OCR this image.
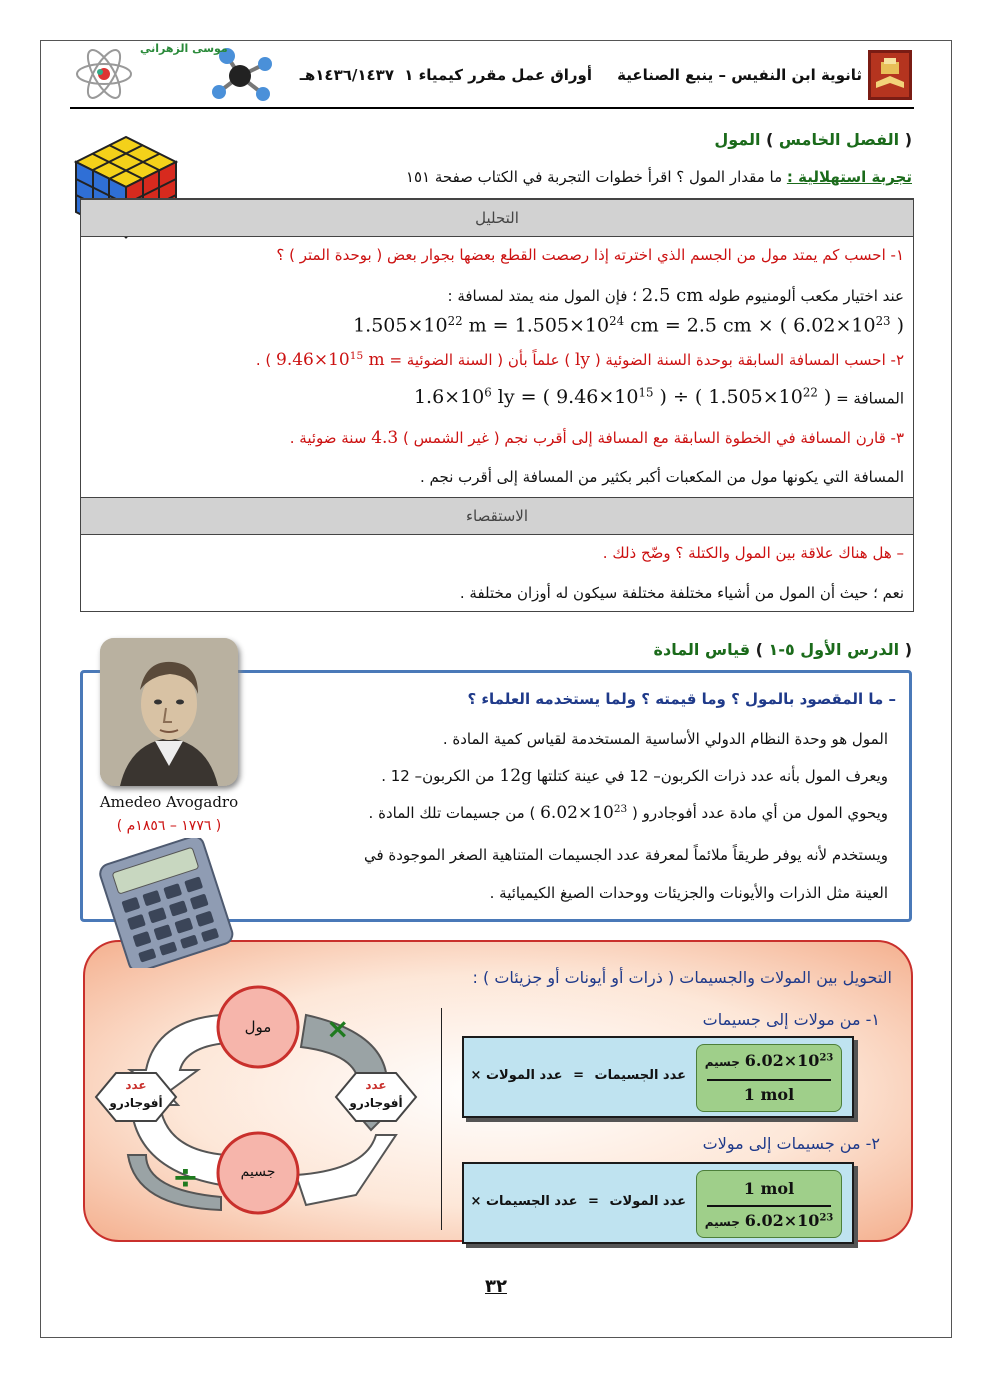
ثانوية ابن النفيس – ينبع الصناعية
أوراق عمل مقرر كيمياء ١
١٤٣٦/١٤٣٧هـ
موسى الزهراني
( الفصل الخامس ) المول
تجربة استهلالية : ما مقدار المول ؟ اقرأ خطوات التجربة في الكتاب صفحة ١٥١
التحليل
الاستقصاء
١- احسب كم يمتد مول من الجسم الذي اخترته إذا رصصت القطع بعضها بجوار بعض ( بوحدة المتر ) ؟
عند اختيار مكعب ألومنيوم طوله 2.5 cm ؛ فإن المول منه يمتد لمسافة :
$1.505\times 10^{22}$ $m = 1.505\times 10^{24}$ cm = 2.5 cm × ( $6.02\times 10^{23}$ )
٢- احسب المسافة السابقة بوحدة السنة الضوئية ( ly ) علماً بأن ( السنة الضوئية = $9.46\times 10^{15}$ m ) .
المسافة = $1.6\times 10^6$ ly = ( $9.46\times 10^{15}$ ) ÷ ( $1.505\times 10^{22}$ )
٣- قارن المسافة في الخطوة السابقة مع المسافة إلى أقرب نجم ( غير الشمس ) 4.3 سنة ضوئية .
المسافة التي يكونها مول من المكعبات أكبر بكثير من المسافة إلى أقرب نجم .
– هل هناك علاقة بين المول والكتلة ؟ وضّح ذلك .
نعم ؛ حيث أن المول من أشياء مختلفة مختلفة سيكون له أوزان مختلفة .
( الدرس الأول ٥-١ ) قياس المادة
Amedeo Avogadro
( ١٧٧٦ – ١٨٥٦م )
– ما المقصود بالمول ؟ وما قيمته ؟ ولما يستخدمه العلماء ؟
المول هو وحدة النظام الدولي الأساسية المستخدمة لقياس كمية المادة .
ويعرف المول بأنه عدد ذرات الكربون– 12 في عينة كتلتها 12g من الكربون– 12 .
ويحوي المول من أي مادة عدد أفوجادرو ( $6.02\times 10^{23}$ ) من جسيمات تلك المادة .
ويستخدم لأنه يوفر طريقاً ملائماً لمعرفة عدد الجسيمات المتناهية الصغر الموجودة في
العينة مثل الذرات والأيونات والجزيئات ووحدات الصيغ الكيميائية .
التحويل بين المولات والجسيمات ( ذرات أو أيونات أو جزيئات ) :
مول
جسيم
عدد
أفوجادرو
عدد
أفوجادرو
×
÷
١- من مولات إلى جسيمات
عدد الجسيمات = عدد المولات ×
جسيم $6.02\times 10^{23}$
1 mol
٢- من جسيمات إلى مولات
عدد المولات = عدد الجسيمات ×
1 mol
جسيم $6.02\times 10^{23}$
٣٢
